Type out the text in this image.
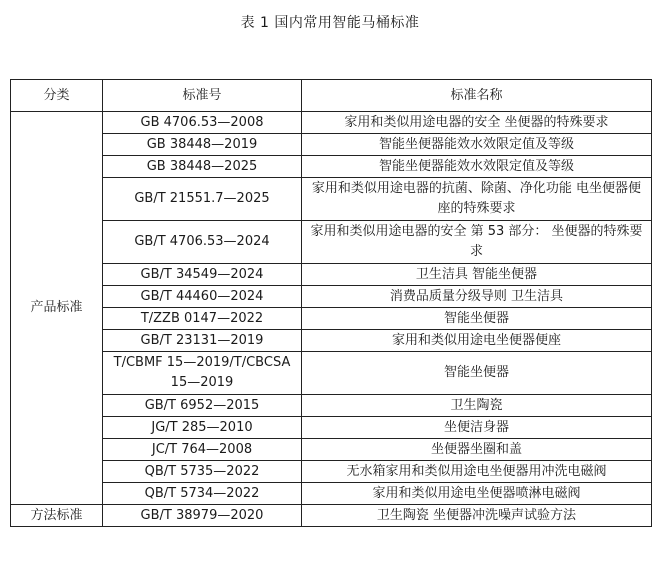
表 1 国内常用智能马桶标准
分类	标准号	标准名称
产品标准	GB 4706.53—2008	家用和类似用途电器的安全 坐便器的特殊要求
	GB 38448—2019	智能坐便器能效水效限定值及等级
	GB 38448—2025	智能坐便器能效水效限定值及等级
	GB/T 21551.7—2025	家用和类似用途电器的抗菌、除菌、净化功能 电坐便器便座的特殊要求
	GB/T 4706.53—2024	家用和类似用途电器的安全 第 53 部分： 坐便器的特殊要求
	GB/T 34549—2024	卫生洁具 智能坐便器
	GB/T 44460—2024	消费品质量分级导则 卫生洁具
	T/ZZB 0147—2022	智能坐便器
	GB/T 23131—2019	家用和类似用途电坐便器便座
	T/CBMF 15—2019/T/CBCSA 15—2019	智能坐便器
	GB/T 6952—2015	卫生陶瓷
	JG/T 285—2010	坐便洁身器
	JC/T 764—2008	坐便器坐圈和盖
	QB/T 5735—2022	无水箱家用和类似用途电坐便器用冲洗电磁阀
	QB/T 5734—2022	家用和类似用途电坐便器喷淋电磁阀
方法标准	GB/T 38979—2020	卫生陶瓷 坐便器冲洗噪声试验方法
